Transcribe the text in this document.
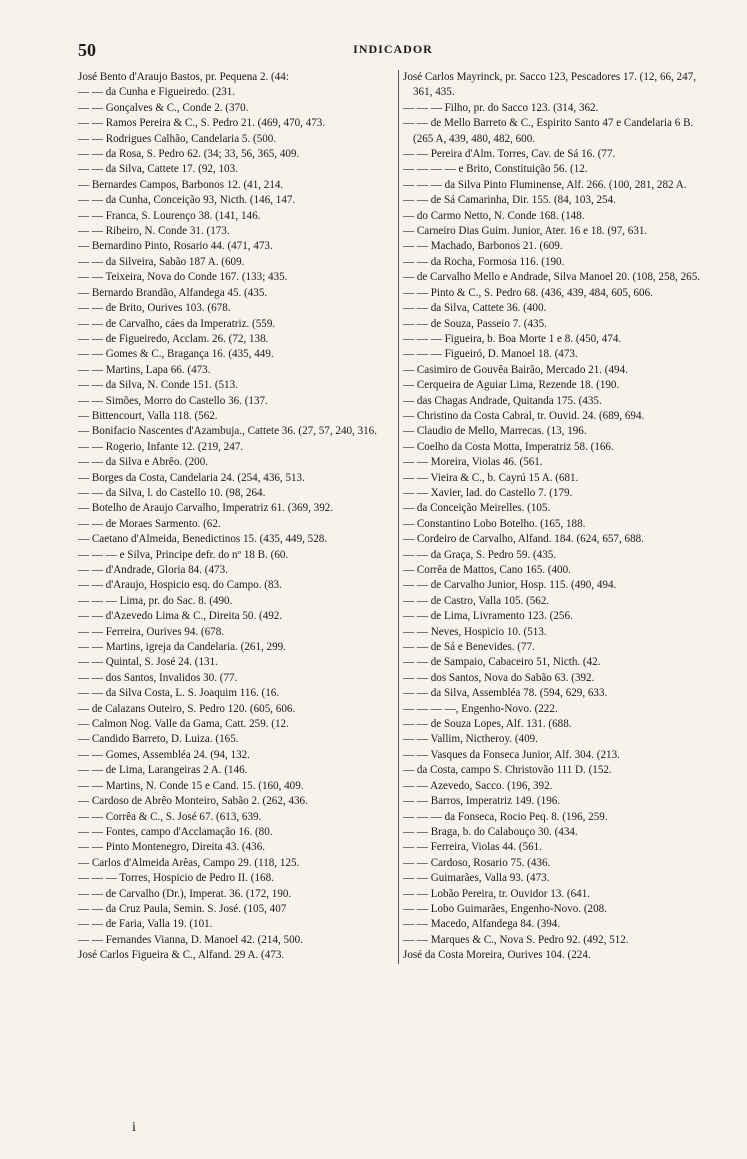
50	INDICADOR

José Bento d'Araujo Bastos, pr. Pequena 2. (44:

— — da Cunha e Figueiredo. (231.

— — Gonçalves & C., Conde 2. (370.

— — Ramos Pereira & C., S. Pedro 21. (469, 470, 473.

— — Rodrigues Calhão, Candelaria 5. (500.

— — da Rosa, S. Pedro 62. (34; 33, 56, 365, 409.

— — da Silva, Cattete 17. (92, 103.

— Bernardes Campos, Barbonos 12. (41, 214.

— — da Cunha, Conceição 93, Nicth. (146, 147.

— — Franca, S. Lourenço 38. (141, 146.

— — Ribeiro, N. Conde 31. (173.

— Bernardino Pinto, Rosario 44. (471, 473.

— — da Silveira, Sabão 187 A. (609.

— — Teixeira, Nova do Conde 167. (133; 435.

— Bernardo Brandão, Alfandega 45. (435.

— — de Brito, Ourives 103. (678.

— — de Carvalho, cáes da Imperatriz. (559.

— — de Figueiredo, Acclam. 26. (72, 138.

— — Gomes & C., Bragança 16. (435, 449.

— — Martins, Lapa 66. (473.

— — da Silva, N. Conde 151. (513.

— — Simões, Morro do Castello 36. (137.

— Bittencourt, Valla 118. (562.

— Bonifacio Nascentes d'Azambuja., Cattete 36. (27, 57, 240, 316.

— — Rogerio, Infante 12. (219, 247.

— — da Silva e Abrêo. (200.

— Borges da Costa, Candelaria 24. (254, 436, 513.

— — da Silva, l. do Castello 10. (98, 264.

— Botelho de Araujo Carvalho, Imperatriz 61. (369, 392.

— — de Moraes Sarmento. (62.

— Caetano d'Almeida, Benedictinos 15. (435, 449, 528.

— — — e Silva, Principe defr. do nº 18 B. (60.

— — d'Andrade, Gloria 84. (473.

— — d'Araujo, Hospicio esq. do Campo. (83.

— — — Lima, pr. do Sac. 8. (490.

— — d'Azevedo Lima & C., Direita 50. (492.

— — Ferreira, Ourives 94. (678.

— — Martins, igreja da Candelaria. (261, 299.

— — Quintal, S. José 24. (131.

— — dos Santos, Invalidos 30. (77.

— — da Silva Costa, L. S. Joaquim 116. (16.

— de Calazans Outeiro, S. Pedro 120. (605, 606.

— Calmon Nog. Valle da Gama, Catt. 259. (12.

— Candido Barreto, D. Luiza. (165.

— — Gomes, Assembléa 24. (94, 132.

— — de Lima, Larangeiras 2 A. (146.

— — Martins, N. Conde 15 e Cand. 15. (160, 409.

— Cardoso de Abrêo Monteiro, Sabão 2. (262, 436.

— — Corrêa & C., S. José 67. (613, 639.

— — Fontes, campo d'Acclamação 16. (80.

— — Pinto Montenegro, Direita 43. (436.

— Carlos d'Almeida Arêas, Campo 29. (118, 125.

— — — Torres, Hospicio de Pedro II. (168.

— — de Carvalho (Dr.), Imperat. 36. (172, 190.

— — da Cruz Paula, Semin. S. José. (105, 407

— — de Faria, Valla 19. (101.

— — Fernandes Vianna, D. Manoel 42. (214, 500.

José Carlos Figueira & C., Alfand. 29 A. (473.

José Carlos Mayrinck, pr. Sacco 123, Pescadores 17. (12, 66, 247, 361, 435.

— — — Filho, pr. do Sacco 123. (314, 362.

— — de Mello Barreto & C., Espirito Santo 47 e Candelaria 6 B. (265 A, 439, 480, 482, 600.

— — Pereira d'Alm. Torres, Cav. de Sá 16. (77.

— — — — e Brito, Constituição 56. (12.

— — — da Silva Pinto Fluminense, Alf. 266. (100, 281, 282 A.

— — de Sá Camarinha, Dir. 155. (84, 103, 254.

— do Carmo Netto, N. Conde 168. (148.

— Carneiro Dias Guim. Junior, Ater. 16 e 18. (97, 631.

— — Machado, Barbonos 21. (609.

— — da Rocha, Formosa 116. (190.

— de Carvalho Mello e Andrade, Silva Manoel 20. (108, 258, 265.

— — Pinto & C., S. Pedro 68. (436, 439, 484, 605, 606.

— — da Silva, Cattete 36. (400.

— — de Souza, Passeio 7. (435.

— — — Figueira, b. Boa Morte 1 e 8. (450, 474.

— — — Figueiró, D. Manoel 18. (473.

— Casimiro de Gouvêa Bairão, Mercado 21. (494.

— Cerqueira de Aguiar Lima, Rezende 18. (190.

— das Chagas Andrade, Quitanda 175. (435.

— Christino da Costa Cabral, tr. Ouvid. 24. (689, 694.

— Claudio de Mello, Marrecas. (13, 196.

— Coelho da Costa Motta, Imperatriz 58. (166.

— — Moreira, Violas 46. (561.

— — Vieira & C., b. Cayrú 15 A. (681.

— — Xavier, lad. do Castello 7. (179.

— da Conceição Meirelles. (105.

— Constantino Lobo Botelho. (165, 188.

— Cordeiro de Carvalho, Alfand. 184. (624, 657, 688.

— — da Graça, S. Pedro 59. (435.

— Corrêa de Mattos, Cano 165. (400.

— — de Carvalho Junior, Hosp. 115. (490, 494.

— — de Castro, Valla 105. (562.

— — de Lima, Livramento 123. (256.

— — Neves, Hospicio 10. (513.

— — de Sá e Benevides. (77.

— — de Sampaio, Cabaceiro 51, Nicth. (42.

— — dos Santos, Nova do Sabão 63. (392.

— — da Silva, Assembléa 78. (594, 629, 633.

— — — —, Engenho-Novo. (222.

— — de Souza Lopes, Alf. 131. (688.

— — Vallim, Nictheroy. (409.

— — Vasques da Fonseca Junior, Alf. 304. (213.

— da Costa, campo S. Christovão 111 D. (152.

— — Azevedo, Sacco. (196, 392.

— — Barros, Imperatriz 149. (196.

— — — da Fonseca, Rocio Peq. 8. (196, 259.

— — Braga, b. do Calabouço 30. (434.

— — Ferreira, Violas 44. (561.

— — Cardoso, Rosario 75. (436.

— — Guimarães, Valla 93. (473.

— — Lobão Pereira, tr. Ouvidor 13. (641.

— — Lobo Guimarães, Engenho-Novo. (208.

— — Macedo, Alfandega 84. (394.

— — Marques & C., Nova S. Pedro 92. (492, 512.

José da Costa Moreira, Ourives 104. (224.

i
